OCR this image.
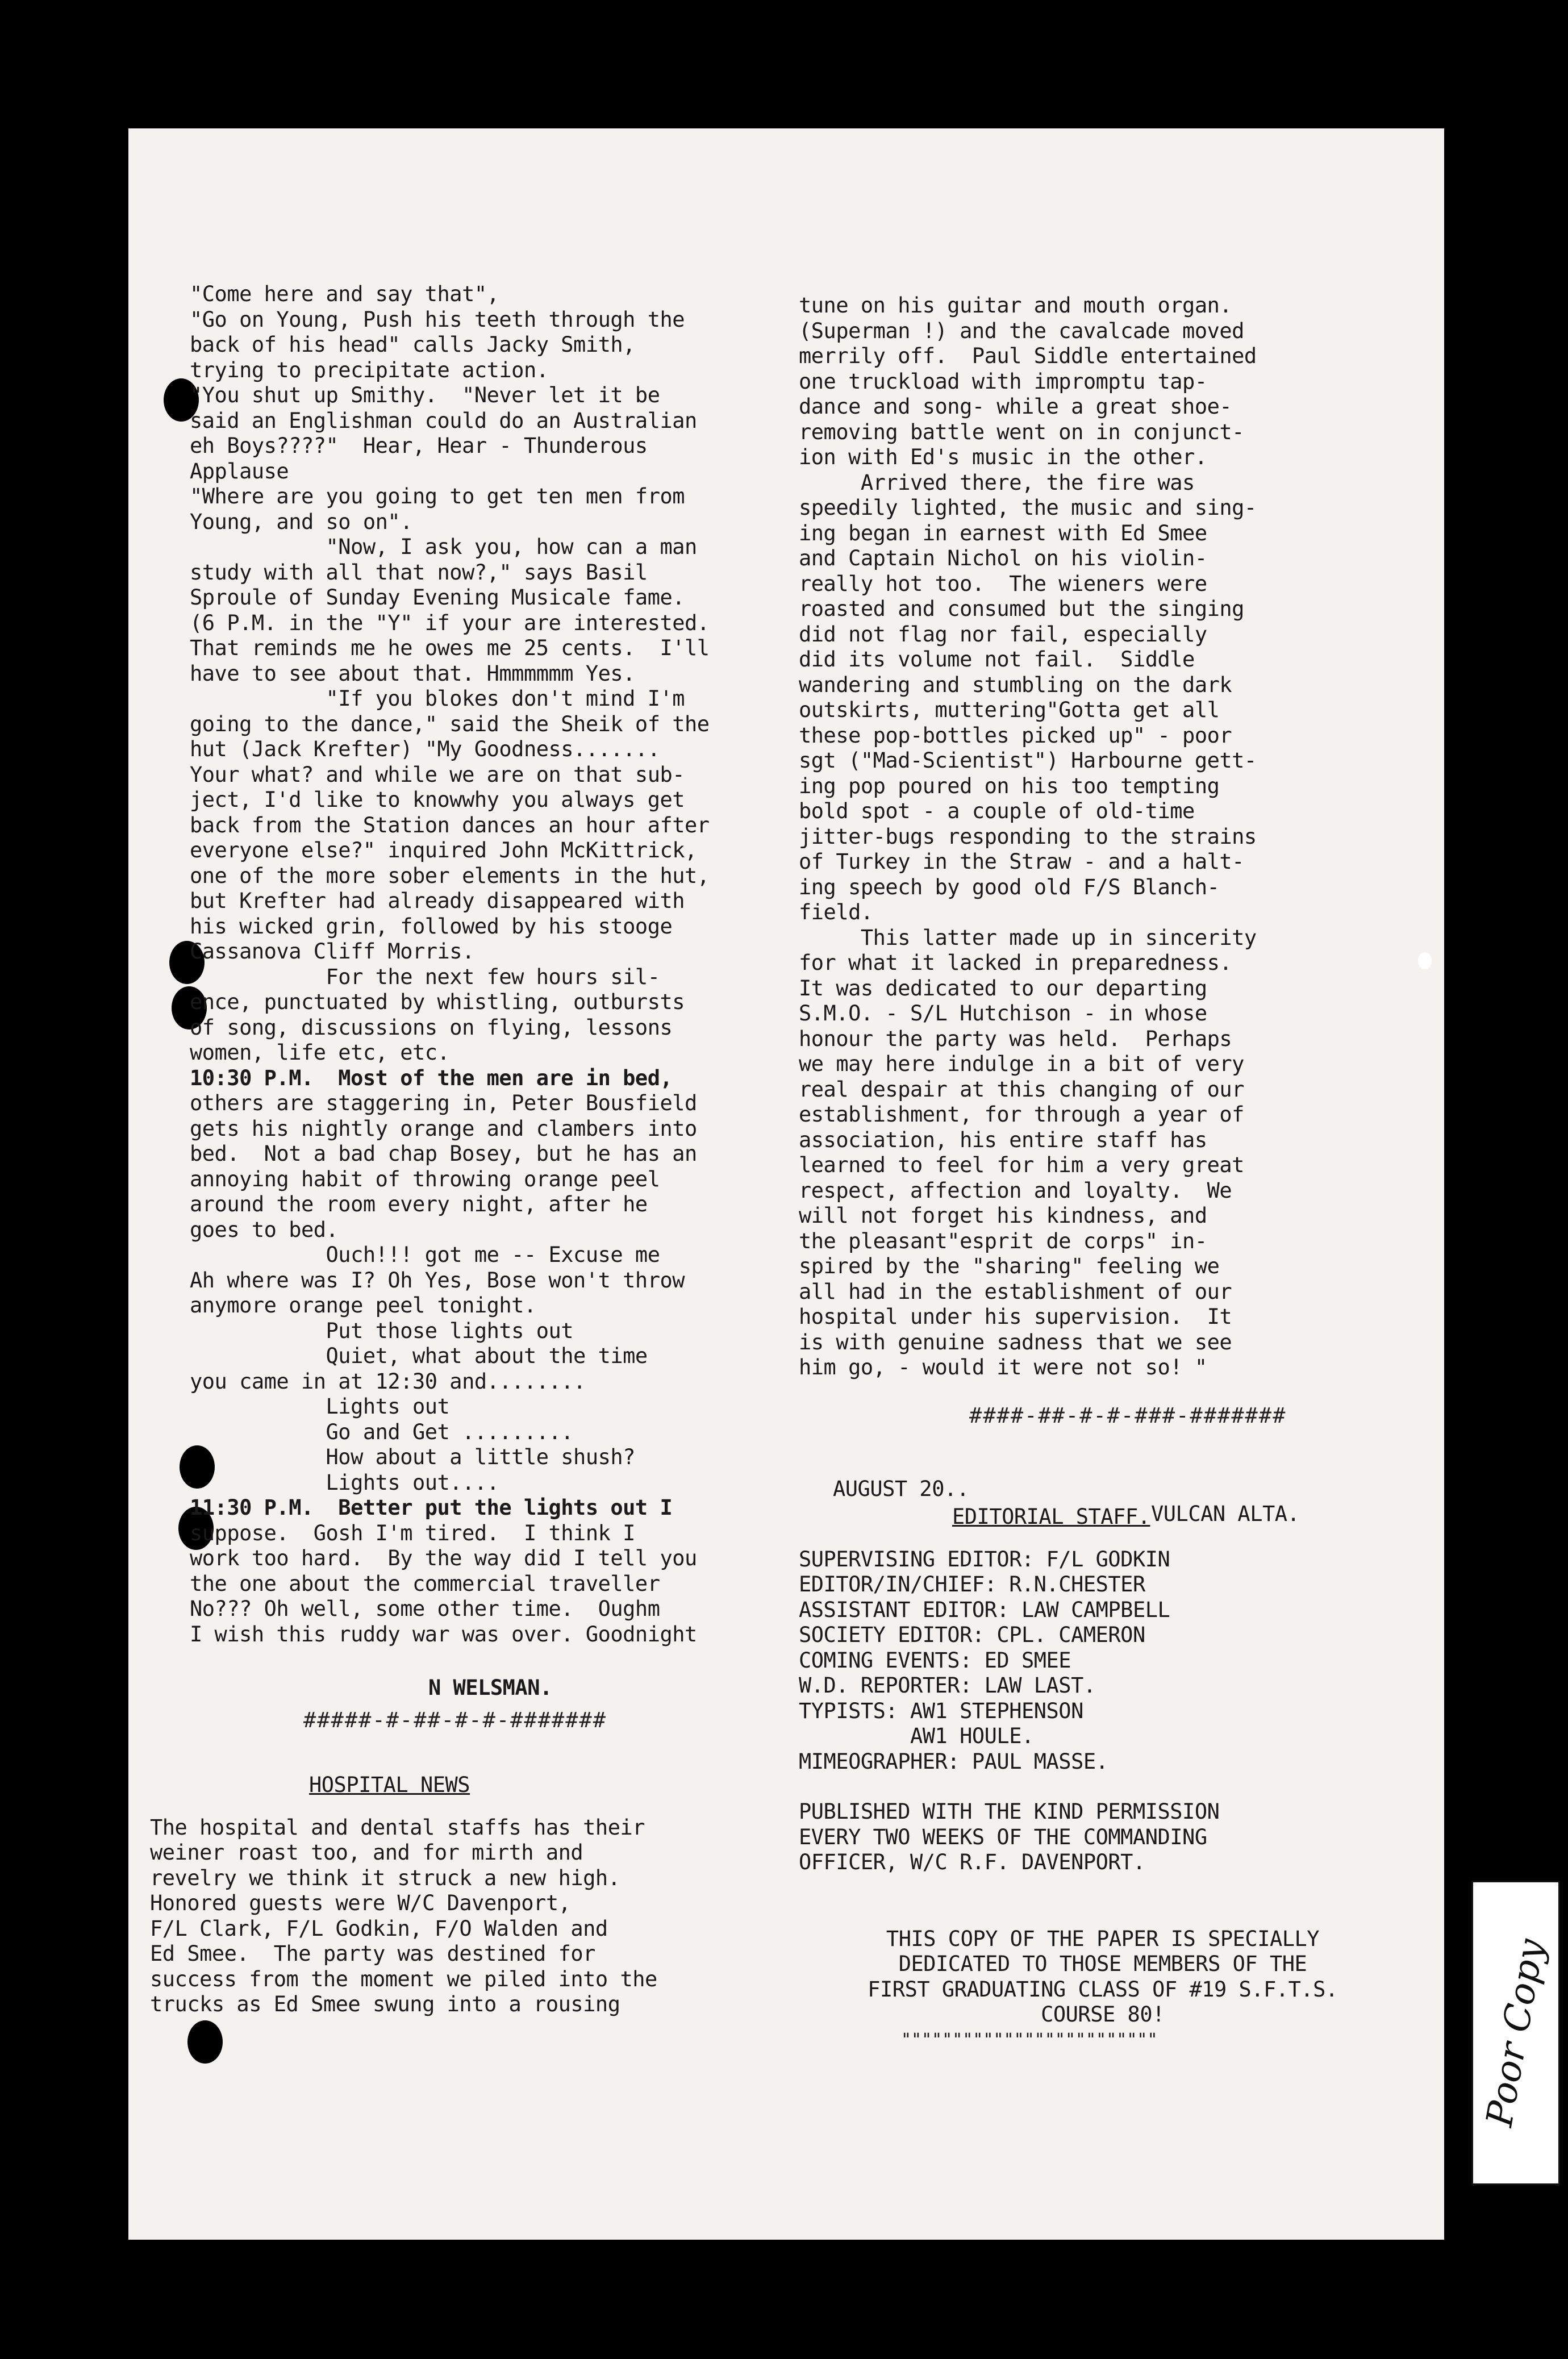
"Come here and say that",
"Go on Young, Push his teeth through the
back of his head" calls Jacky Smith,
trying to precipitate action.
"You shut up Smithy.  "Never let it be
said an Englishman could do an Australian
eh Boys????"  Hear, Hear - Thunderous
Applause
"Where are you going to get ten men from
Young, and so on".
"Now, I ask you, how can a man
study with all that now?," says Basil
Sproule of Sunday Evening Musicale fame.
(6 P.M. in the "Y" if your are interested.
That reminds me he owes me 25 cents.  I'll
have to see about that. Hmmmmmm Yes.
"If you blokes don't mind I'm
going to the dance," said the Sheik of the
hut (Jack Krefter) "My Goodness.......
Your what? and while we are on that sub-
ject, I'd like to knowwhy you always get
back from the Station dances an hour after
everyone else?" inquired John McKittrick,
one of the more sober elements in the hut,
but Krefter had already disappeared with
his wicked grin, followed by his stooge
Cassanova Cliff Morris.
For the next few hours sil-
ence, punctuated by whistling, outbursts
of song, discussions on flying, lessons
women, life etc, etc.
10:30 P.M.  Most of the men are in bed,
others are staggering in, Peter Bousfield
gets his nightly orange and clambers into
bed.  Not a bad chap Bosey, but he has an
annoying habit of throwing orange peel
around the room every night, after he
goes to bed.
Ouch!!! got me -- Excuse me
Ah where was I? Oh Yes, Bose won't throw
anymore orange peel tonight.
Put those lights out
Quiet, what about the time
you came in at 12:30 and........
Lights out
Go and Get .........
How about a little shush?
Lights out....
11:30 P.M.  Better put the lights out I
suppose.  Gosh I'm tired.  I think I
work too hard.  By the way did I tell you
the one about the commercial traveller
No??? Oh well, some other time.  Oughm
I wish this ruddy war was over. Goodnight
N WELSMAN.
#####-#-##-#-#-#######
HOSPITAL NEWS
The hospital and dental staffs has their
weiner roast too, and for mirth and
revelry we think it struck a new high.
Honored guests were W/C Davenport,
F/L Clark, F/L Godkin, F/O Walden and
Ed Smee.  The party was destined for
success from the moment we piled into the
trucks as Ed Smee swung into a rousing
tune on his guitar and mouth organ.
(Superman !) and the cavalcade moved
merrily off.  Paul Siddle entertained
one truckload with impromptu tap-
dance and song- while a great shoe-
removing battle went on in conjunct-
ion with Ed's music in the other.
Arrived there, the fire was
speedily lighted, the music and sing-
ing began in earnest with Ed Smee
and Captain Nichol on his violin-
really hot too.  The wieners were
roasted and consumed but the singing
did not flag nor fail, especially
did its volume not fail.  Siddle
wandering and stumbling on the dark
outskirts, muttering"Gotta get all
these pop-bottles picked up" - poor
sgt ("Mad-Scientist") Harbourne gett-
ing pop poured on his too tempting
bold spot - a couple of old-time
jitter-bugs responding to the strains
of Turkey in the Straw - and a halt-
ing speech by good old F/S Blanch-
field.
This latter made up in sincerity
for what it lacked in preparedness.
It was dedicated to our departing
S.M.O. - S/L Hutchison - in whose
honour the party was held.  Perhaps
we may here indulge in a bit of very
real despair at this changing of our
establishment, for through a year of
association, his entire staff has
learned to feel for him a very great
respect, affection and loyalty.  We
will not forget his kindness, and
the pleasant"esprit de corps" in-
spired by the "sharing" feeling we
all had in the establishment of our
hospital under his supervision.  It
is with genuine sadness that we see
him go, - would it were not so! "
####-##-#-#-###-#######

AUGUST 20..

VULCAN ALTA.

EDITORIAL STAFF.
SUPERVISING EDITOR: F/L GODKIN
EDITOR/IN/CHIEF: R.N.CHESTER
ASSISTANT EDITOR: LAW CAMPBELL
SOCIETY EDITOR: CPL. CAMERON
COMING EVENTS: ED SMEE
W.D. REPORTER: LAW LAST.
TYPISTS: AW1 STEPHENSON
AW1 HOULE.
MIMEOGRAPHER: PAUL MASSE.
PUBLISHED WITH THE KIND PERMISSION
EVERY TWO WEEKS OF THE COMMANDING
OFFICER, W/C R.F. DAVENPORT.
THIS COPY OF THE PAPER IS SPECIALLY
DEDICATED TO THOSE MEMBERS OF THE
FIRST GRADUATING CLASS OF #19 S.F.T.S.
COURSE 80!
"""""""""""""""""""""""""	Poor Copy
